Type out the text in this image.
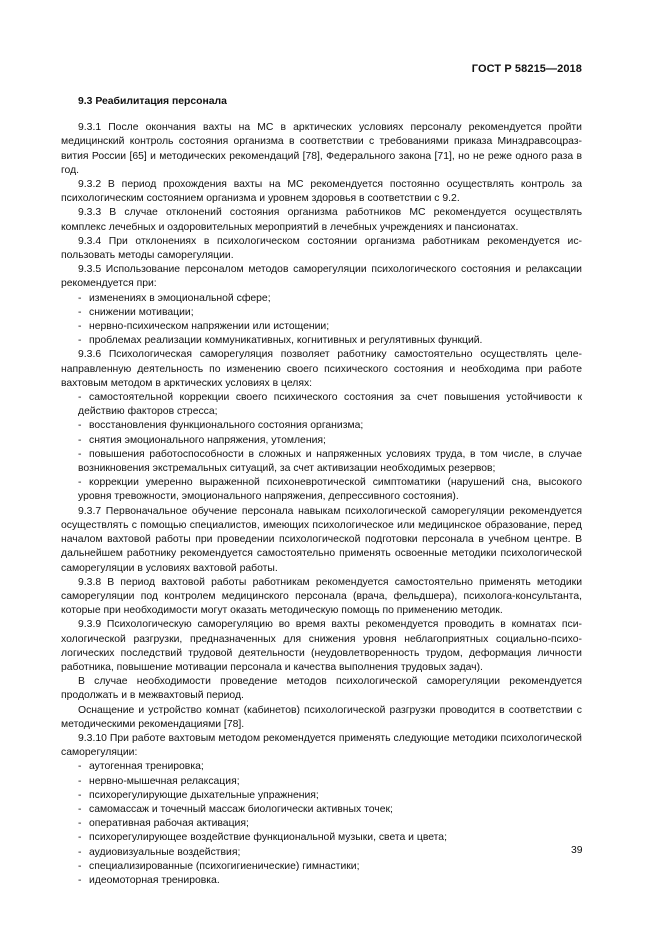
ГОСТ Р 58215—2018
9.3 Реабилитация персонала
9.3.1 После окончания вахты на МС в арктических условиях персоналу рекомендуется пройти медицинский контроль состояния организма в соответствии с требованиями приказа Минздравсоцразвития России [65] и методических рекомендаций [78], Федерального закона [71], но не реже одного раза в год.
9.3.2 В период прохождения вахты на МС рекомендуется постоянно осуществлять контроль за психологическим состоянием организма и уровнем здоровья в соответствии с 9.2.
9.3.3 В случае отклонений состояния организма работников МС рекомендуется осуществлять комплекс лечебных и оздоровительных мероприятий в лечебных учреждениях и пансионатах.
9.3.4 При отклонениях в психологическом состоянии организма работникам рекомендуется использовать методы саморегуляции.
9.3.5 Использование персоналом методов саморегуляции психологического состояния и релаксации рекомендуется при:
- изменениях в эмоциональной сфере;
- снижении мотивации;
- нервно-психическом напряжении или истощении;
- проблемах реализации коммуникативных, когнитивных и регулятивных функций.
9.3.6 Психологическая саморегуляция позволяет работнику самостоятельно осуществлять целенаправленную деятельность по изменению своего психического состояния и необходима при работе вахтовым методом в арктических условиях в целях:
- самостоятельной коррекции своего психического состояния за счет повышения устойчивости к действию факторов стресса;
- восстановления функционального состояния организма;
- снятия эмоционального напряжения, утомления;
- повышения работоспособности в сложных и напряженных условиях труда, в том числе, в случае возникновения экстремальных ситуаций, за счет активизации необходимых резервов;
- коррекции умеренно выраженной психоневротической симптоматики (нарушений сна, высокого уровня тревожности, эмоционального напряжения, депрессивного состояния).
9.3.7 Первоначальное обучение персонала навыкам психологической саморегуляции рекомендуется осуществлять с помощью специалистов, имеющих психологическое или медицинское образование, перед началом вахтовой работы при проведении психологической подготовки персонала в учебном центре. В дальнейшем работнику рекомендуется самостоятельно применять освоенные методики психологической саморегуляции в условиях вахтовой работы.
9.3.8 В период вахтовой работы работникам рекомендуется самостоятельно применять методики саморегуляции под контролем медицинского персонала (врача, фельдшера), психолога-консультанта, которые при необходимости могут оказать методическую помощь по применению методик.
9.3.9 Психологическую саморегуляцию во время вахты рекомендуется проводить в комнатах психологической разгрузки, предназначенных для снижения уровня неблагоприятных социально-психологических последствий трудовой деятельности (неудовлетворенность трудом, деформация личности работника, повышение мотивации персонала и качества выполнения трудовых задач).
В случае необходимости проведение методов психологической саморегуляции рекомендуется продолжать и в межвахтовый период.
Оснащение и устройство комнат (кабинетов) психологической разгрузки проводится в соответствии с методическими рекомендациями [78].
9.3.10 При работе вахтовым методом рекомендуется применять следующие методики психологической саморегуляции:
- аутогенная тренировка;
- нервно-мышечная релаксация;
- психорегулирующие дыхательные упражнения;
- самомассаж и точечный массаж биологически активных точек;
- оперативная рабочая активация;
- психорегулирующее воздействие функциональной музыки, света и цвета;
- аудиовизуальные воздействия;
- специализированные (психогигиенические) гимнастики;
- идеомоторная тренировка.
39
